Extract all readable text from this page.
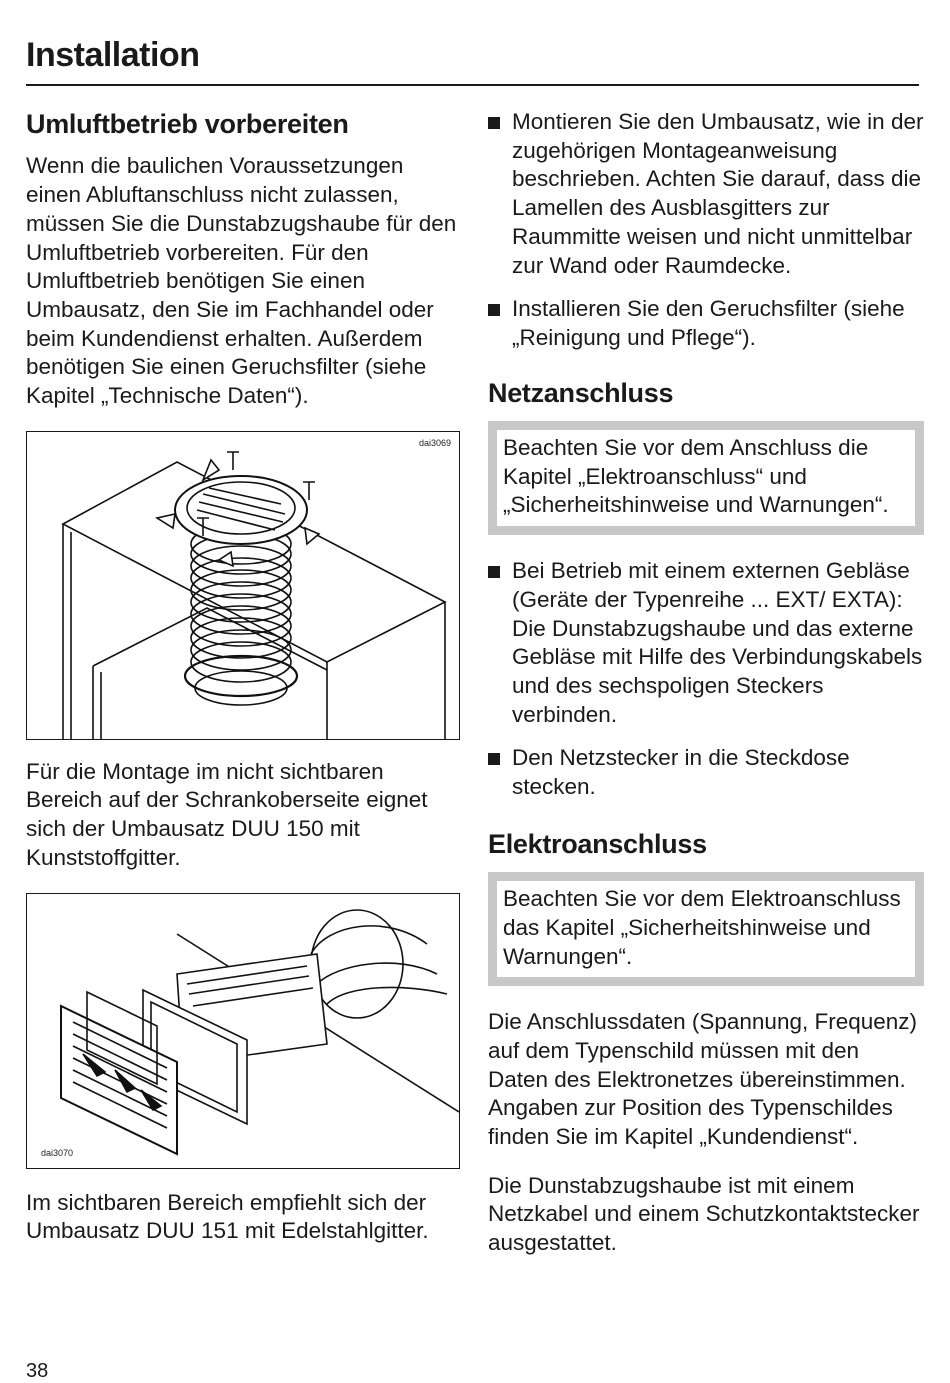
Installation
Umluftbetrieb vorbereiten

Wenn die baulichen Voraussetzungen einen Abluftanschluss nicht zulassen, müssen Sie die Dunstabzugshaube für den Umluftbetrieb vorbereiten. Für den Umluftbetrieb benötigen Sie einen Umbausatz, den Sie im Fachhandel oder beim Kundendienst erhalten. Außerdem benötigen Sie einen Geruchsfilter (siehe Kapitel „Technische Daten“).

dai3069

Für die Montage im nicht sichtbaren Bereich auf der Schrankoberseite eignet sich der Umbausatz DUU 150 mit Kunststoffgitter.

dai3070

Im sichtbaren Bereich empfiehlt sich der Umbausatz DUU 151 mit Edelstahlgitter.

Montieren Sie den Umbausatz, wie in der zugehörigen Montageanweisung beschrieben. Achten Sie darauf, dass die Lamellen des Ausblasgitters zur Raummitte weisen und nicht unmittelbar zur Wand oder Raumdecke.
Installieren Sie den Geruchsfilter (siehe „Reinigung und Pflege“).
Netzanschluss

Beachten Sie vor dem Anschluss die Kapitel „Elektroanschluss“ und „Sicherheitshinweise und Warnungen“.

Bei Betrieb mit einem externen Gebläse (Geräte der Typenreihe ... EXT/ EXTA):
Die Dunstabzugshaube und das externe Gebläse mit Hilfe des Verbindungskabels und des sechspoligen Steckers verbinden.
Den Netzstecker in die Steckdose stecken.
Elektroanschluss

Beachten Sie vor dem Elektroanschluss das Kapitel „Sicherheitshinweise und Warnungen“.

Die Anschlussdaten (Spannung, Frequenz) auf dem Typenschild müssen mit den Daten des Elektronetzes übereinstimmen. Angaben zur Position des Typenschildes finden Sie im Kapitel „Kundendienst“.

Die Dunstabzugshaube ist mit einem Netzkabel und einem Schutzkontaktstecker ausgestattet.

38
